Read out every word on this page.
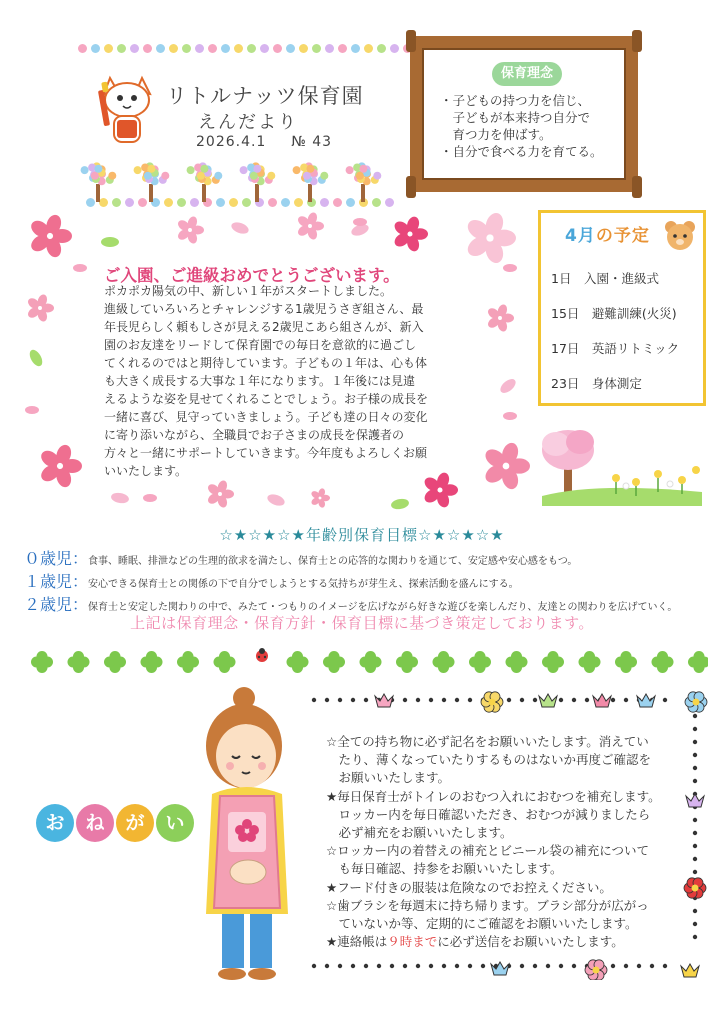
リトルナッツ保育園
えんだより
2026.4.1 № 43
保育理念
・子どもの持つ力を信じ、
　子どもが本来持つ自分で
　育つ力を伸ばす。
・自分で食べる力を育てる。
ご入園、ご進級おめでとうございます。
ポカポカ陽気の中、新しい１年がスタートしました。
進級していろいろとチャレンジする1歳児うさぎ組さん、最
年長児らしく頼もしさが見える2歳児こあら組さんが、新入
園のお友達をリードして保育園での毎日を意欲的に過ごし
てくれるのではと期待しています。子どもの１年は、心も体
も大きく成長する大事な１年になります。１年後には見違
えるような姿を見せてくれることでしょう。お子様の成長を
一緒に喜び、見守っていきましょう。子ども達の日々の変化
に寄り添いながら、全職員でお子さまの成長を保護者の
方々と一緒にサポートしていきます。今年度もよろしくお願
いいたします。
4月の予定
1日　入園・進級式
15日　避難訓練(火災)
17日　英語リトミック
23日　身体測定
☆★☆★☆★年齢別保育目標☆★☆★☆★
０歳児：食事、睡眠、排泄などの生理的欲求を満たし、保育士との応答的な関わりを通じて、安定感や安心感をもつ。
１歳児：安心できる保育士との関係の下で自分でしようとする気持ちが芽生え、探索活動を盛んにする。
２歳児：保育士と安定した関わりの中で、みたて・つもりのイメージを広げながら好きな遊びを楽しんだり、友達との関わりを広げていく。
上記は保育理念・保育方針・保育目標に基づき策定しております。
お	ね	が	い
☆全ての持ち物に必ず記名をお願いいたします。消えてい
　たり、薄くなっていたりするものはないか再度ご確認を
　お願いいたします。
★毎日保育士がトイレのおむつ入れにおむつを補充します。
　ロッカー内を毎日確認いただき、おむつが減りましたら
　必ず補充をお願いいたします。
☆ロッカー内の着替えの補充とビニール袋の補充について
　も毎日確認、持参をお願いいたします。
★フード付きの服装は危険なのでお控えください。
☆歯ブラシを毎週末に持ち帰ります。ブラシ部分が広がっ
　ていないか等、定期的にご確認をお願いいたします。
★連絡帳は９時までに必ず送信をお願いいたします。
